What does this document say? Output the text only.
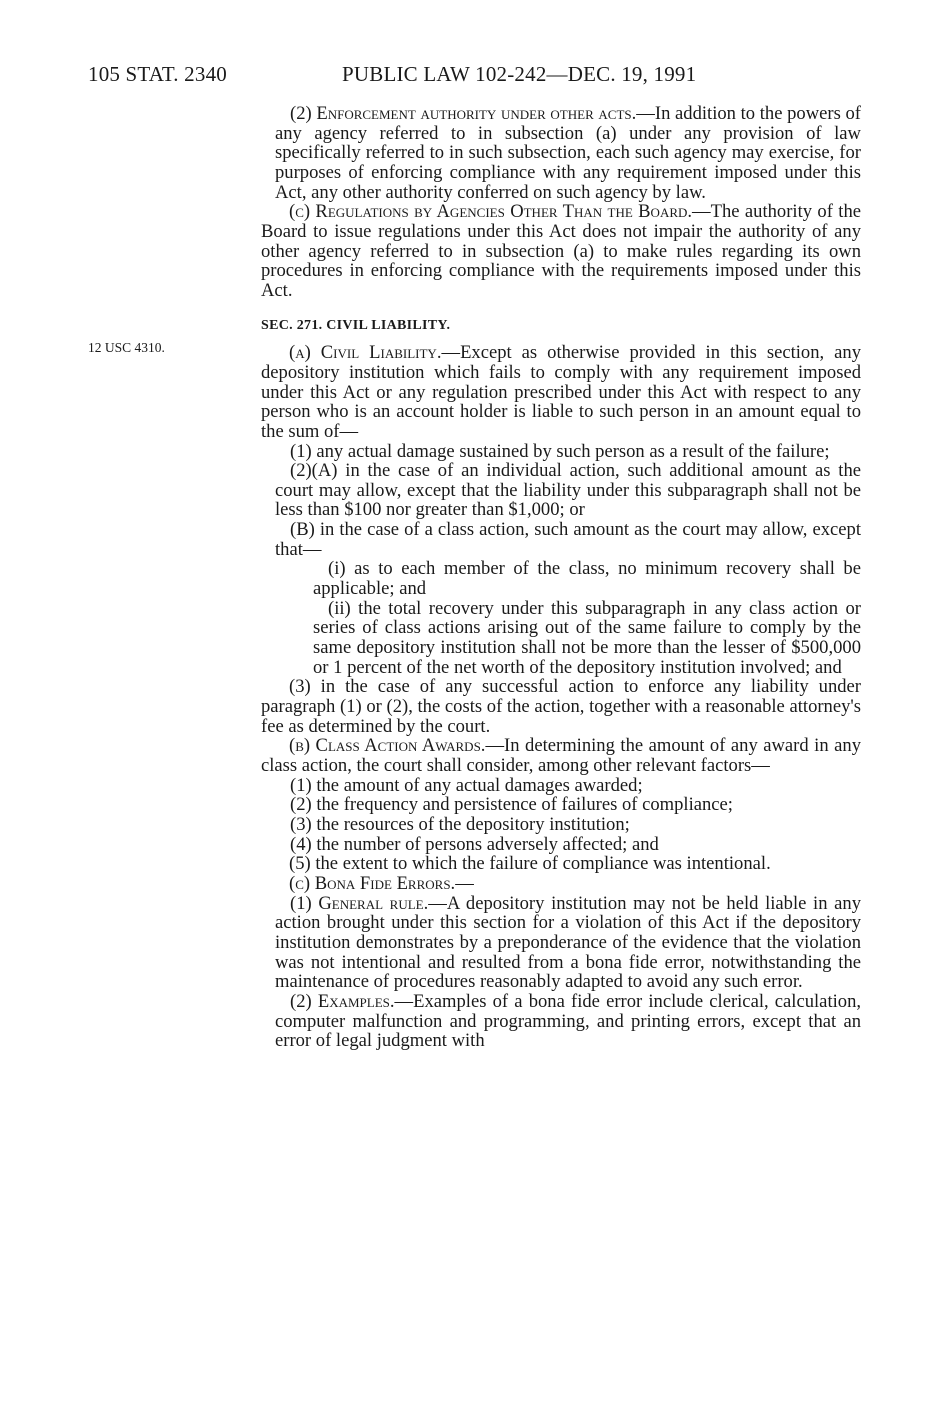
105 STAT. 2340	PUBLIC LAW 102-242—DEC. 19, 1991
12 USC 4310.

(2) Enforcement authority under other acts.—In addition to the powers of any agency referred to in subsection (a) under any provision of law specifically referred to in such subsection, each such agency may exercise, for purposes of enforcing compliance with any requirement imposed under this Act, any other authority conferred on such agency by law.

(c) Regulations by Agencies Other Than the Board.—The authority of the Board to issue regulations under this Act does not impair the authority of any other agency referred to in subsection (a) to make rules regarding its own procedures in enforcing compliance with the requirements imposed under this Act.

SEC. 271. CIVIL LIABILITY.

(a) Civil Liability.—Except as otherwise provided in this section, any depository institution which fails to comply with any requirement imposed under this Act or any regulation prescribed under this Act with respect to any person who is an account holder is liable to such person in an amount equal to the sum of—

(1) any actual damage sustained by such person as a result of the failure;

(2)(A) in the case of an individual action, such additional amount as the court may allow, except that the liability under this subparagraph shall not be less than $100 nor greater than $1,000; or

(B) in the case of a class action, such amount as the court may allow, except that—

(i) as to each member of the class, no minimum recovery shall be applicable; and

(ii) the total recovery under this subparagraph in any class action or series of class actions arising out of the same failure to comply by the same depository institution shall not be more than the lesser of $500,000 or 1 percent of the net worth of the depository institution involved; and

(3) in the case of any successful action to enforce any liability under paragraph (1) or (2), the costs of the action, together with a reasonable attorney's fee as determined by the court.

(b) Class Action Awards.—In determining the amount of any award in any class action, the court shall consider, among other relevant factors—

(1) the amount of any actual damages awarded;

(2) the frequency and persistence of failures of compliance;

(3) the resources of the depository institution;

(4) the number of persons adversely affected; and

(5) the extent to which the failure of compliance was intentional.

(c) Bona Fide Errors.—

(1) General rule.—A depository institution may not be held liable in any action brought under this section for a violation of this Act if the depository institution demonstrates by a preponderance of the evidence that the violation was not intentional and resulted from a bona fide error, notwithstanding the maintenance of procedures reasonably adapted to avoid any such error.

(2) Examples.—Examples of a bona fide error include clerical, calculation, computer malfunction and programming, and printing errors, except that an error of legal judgment with
